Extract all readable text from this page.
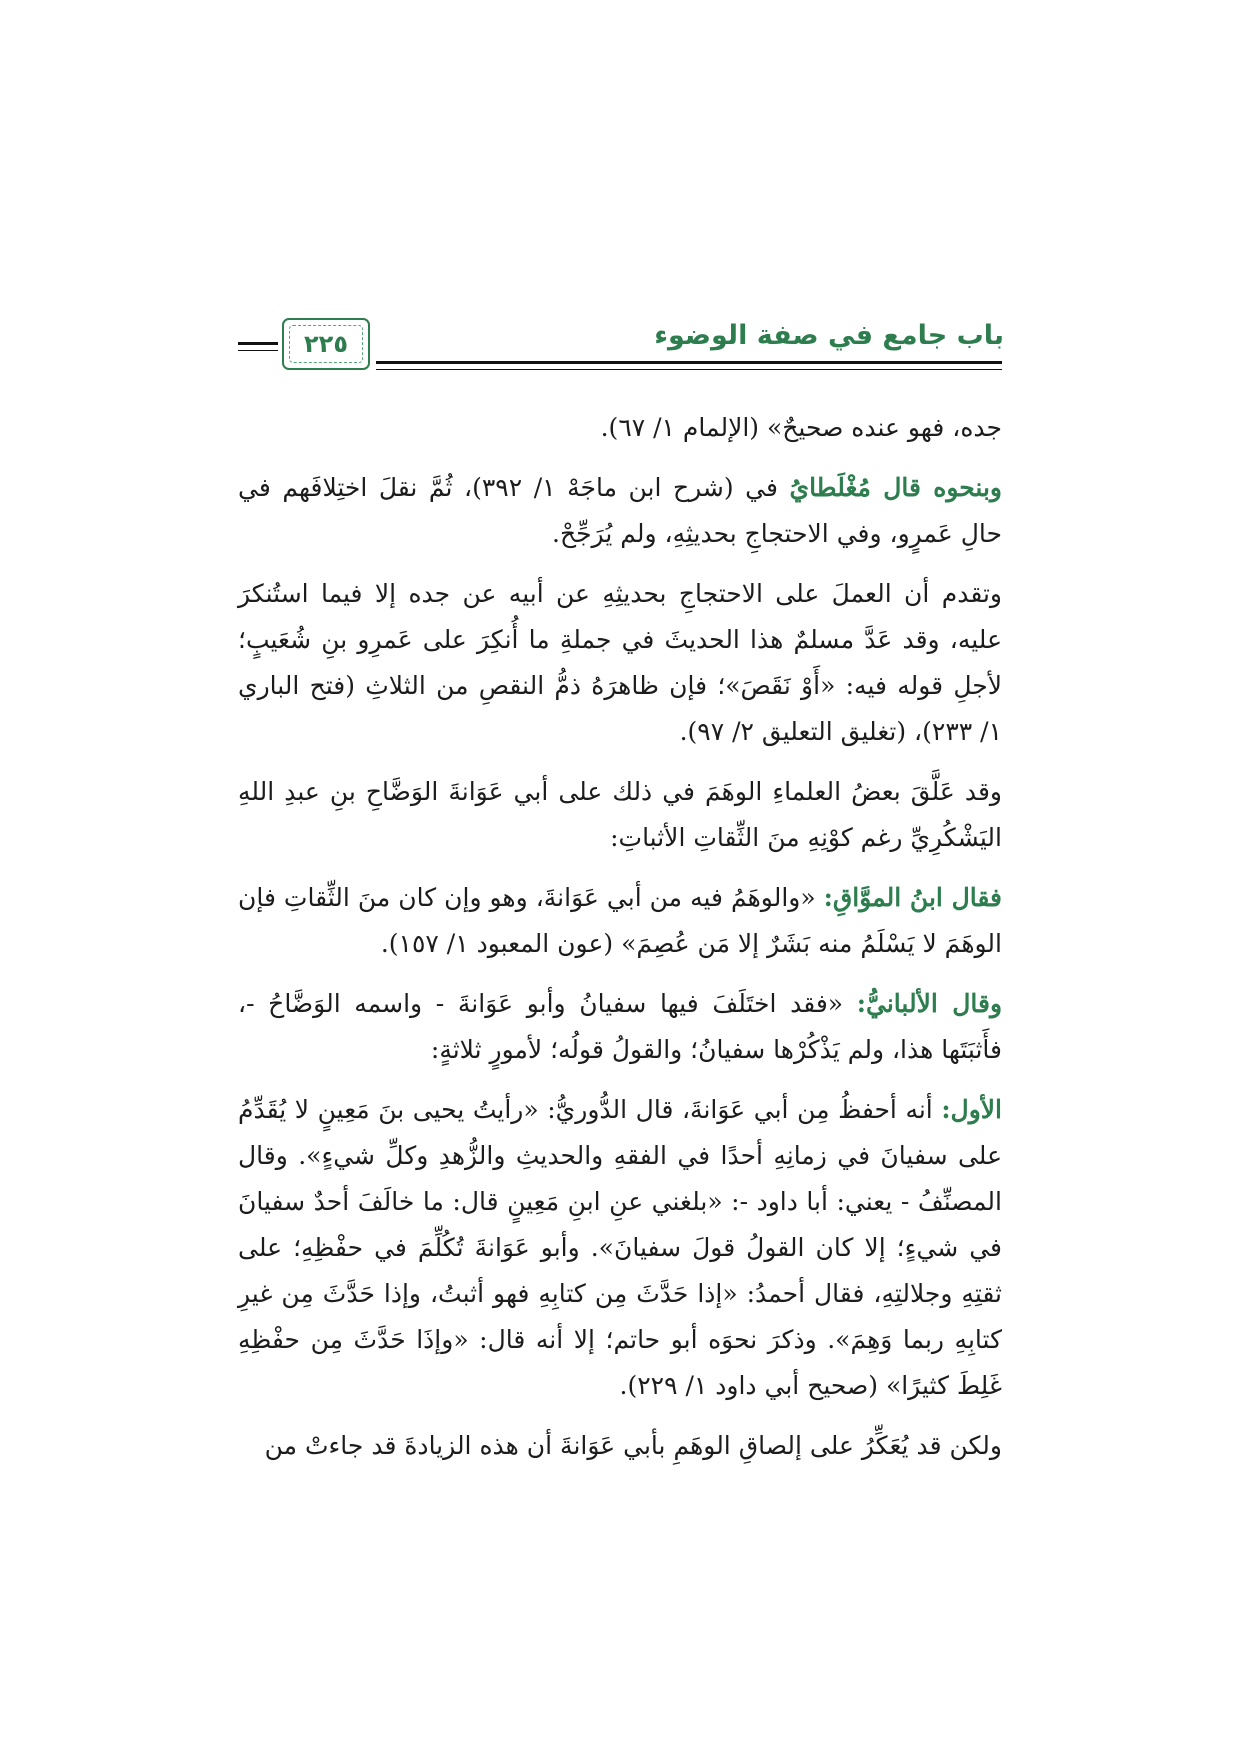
باب جامع في صفة الوضوء
٢٢٥

جده، فهو عنده صحيحٌ» (الإلمام ١/ ٦٧).

وبنحوه قال مُغْلَطايُ في (شرح ابن ماجَهْ ١/ ٣٩٢)، ثُمَّ نقلَ اختِلافَهم في حالِ عَمرٍو، وفي الاحتجاجِ بحديثِهِ، ولم يُرَجِّحْ.

وتقدم أن العملَ على الاحتجاجِ بحديثِهِ عن أبيه عن جده إلا فيما استُنكرَ عليه، وقد عَدَّ مسلمٌ هذا الحديثَ في جملةِ ما أُنكِرَ على عَمرِو بنِ شُعَيبٍ؛ لأجلِ قوله فيه: «أَوْ نَقَصَ»؛ فإن ظاهرَهُ ذمُّ النقصِ من الثلاثِ (فتح الباري ١/ ٢٣٣)، (تغليق التعليق ٢/ ٩٧).

وقد عَلَّقَ بعضُ العلماءِ الوهَمَ في ذلك على أبي عَوَانةَ الوَضَّاحِ بنِ عبدِ اللهِ اليَشْكُرِيِّ رغم كوْنِهِ منَ الثِّقاتِ الأثباتِ:

فقال ابنُ الموَّاقِ: «والوهَمُ فيه من أبي عَوَانةَ، وهو وإن كان منَ الثِّقاتِ فإن الوهَمَ لا يَسْلَمُ منه بَشَرٌ إلا مَن عُصِمَ» (عون المعبود ١/ ١٥٧).

وقال الألبانيُّ: «فقد اختَلَفَ فيها سفيانُ وأبو عَوَانةَ - واسمه الوَضَّاحُ -، فأَثبَتَها هذا، ولم يَذْكُرْها سفيانُ؛ والقولُ قولُه؛ لأمورٍ ثلاثةٍ:

الأول: أنه أحفظُ مِن أبي عَوَانةَ، قال الدُّوريُّ: «رأيتُ يحيى بنَ مَعِينٍ لا يُقَدِّمُ على سفيانَ في زمانِهِ أحدًا في الفقهِ والحديثِ والزُّهدِ وكلِّ شيءٍ». وقال المصنِّفُ - يعني: أبا داود -: «بلغني عنِ ابنِ مَعِينٍ قال: ما خالَفَ أحدٌ سفيانَ في شيءٍ؛ إلا كان القولُ قولَ سفيانَ». وأبو عَوَانةَ تُكُلِّمَ في حفْظِهِ؛ على ثقتِهِ وجلالتِهِ، فقال أحمدُ: «إذا حَدَّثَ مِن كتابِهِ فهو أثبتُ، وإذا حَدَّثَ مِن غيرِ كتابِهِ ربما وَهِمَ». وذكرَ نحوَه أبو حاتم؛ إلا أنه قال: «وإذَا حَدَّثَ مِن حفْظِهِ غَلِطَ كثيرًا» (صحيح أبي داود ١/ ٢٢٩).

ولكن قد يُعَكِّرُ على إلصاقِ الوهَمِ بأبي عَوَانةَ أن هذه الزيادةَ قد جاءتْ من
